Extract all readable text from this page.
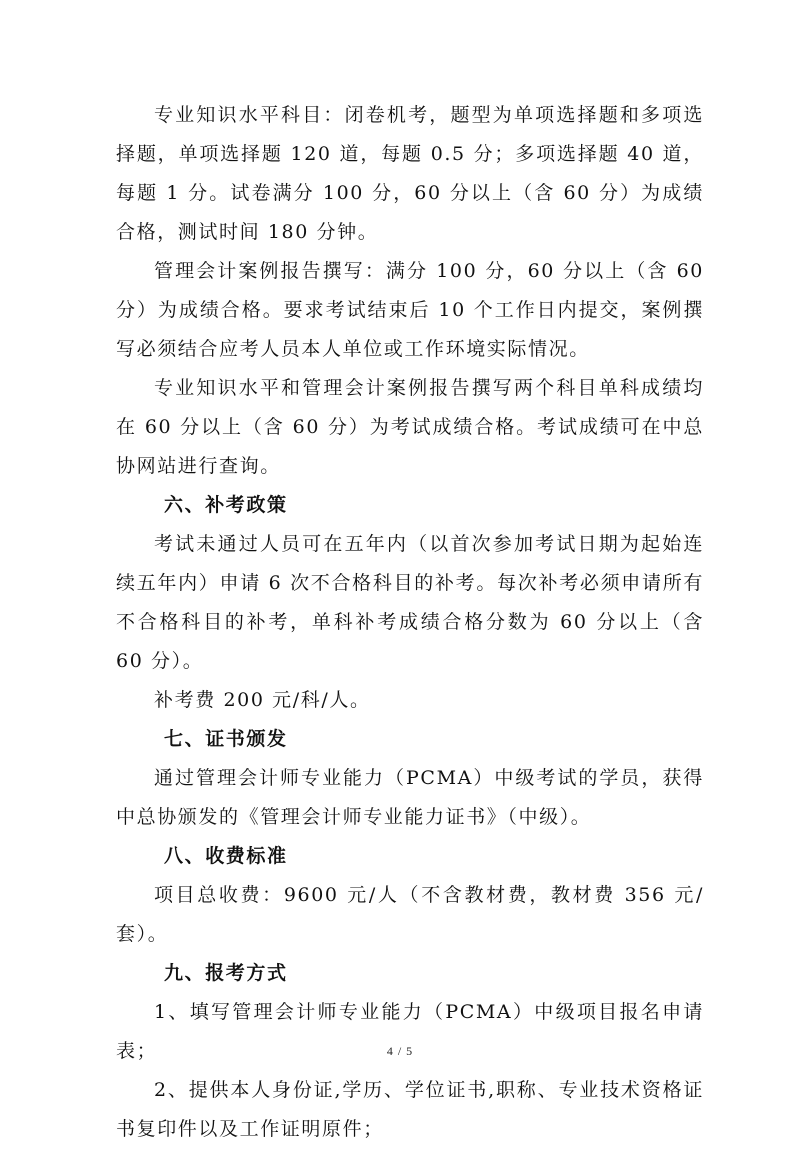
专业知识水平科目：闭卷机考，题型为单项选择题和多项选择题，单项选择题 120 道，每题 0.5 分；多项选择题 40 道，每题 1 分。试卷满分 100 分，60 分以上（含 60 分）为成绩合格，测试时间 180 分钟。

管理会计案例报告撰写：满分 100 分，60 分以上（含 60 分）为成绩合格。要求考试结束后 10 个工作日内提交，案例撰写必须结合应考人员本人单位或工作环境实际情况。

专业知识水平和管理会计案例报告撰写两个科目单科成绩均在 60 分以上（含 60 分）为考试成绩合格。考试成绩可在中总协网站进行查询。

六、补考政策

考试未通过人员可在五年内（以首次参加考试日期为起始连续五年内）申请 6 次不合格科目的补考。每次补考必须申请所有不合格科目的补考，单科补考成绩合格分数为 60 分以上（含 60 分）。

补考费 200 元/科/人。

七、证书颁发

通过管理会计师专业能力（PCMA）中级考试的学员，获得中总协颁发的《管理会计师专业能力证书》（中级）。

八、收费标准

项目总收费：9600 元/人（不含教材费，教材费 356 元/套）。

九、报考方式

1、填写管理会计师专业能力（PCMA）中级项目报名申请表；

2、提供本人身份证,学历、学位证书,职称、专业技术资格证书复印件以及工作证明原件；

4 / 5
